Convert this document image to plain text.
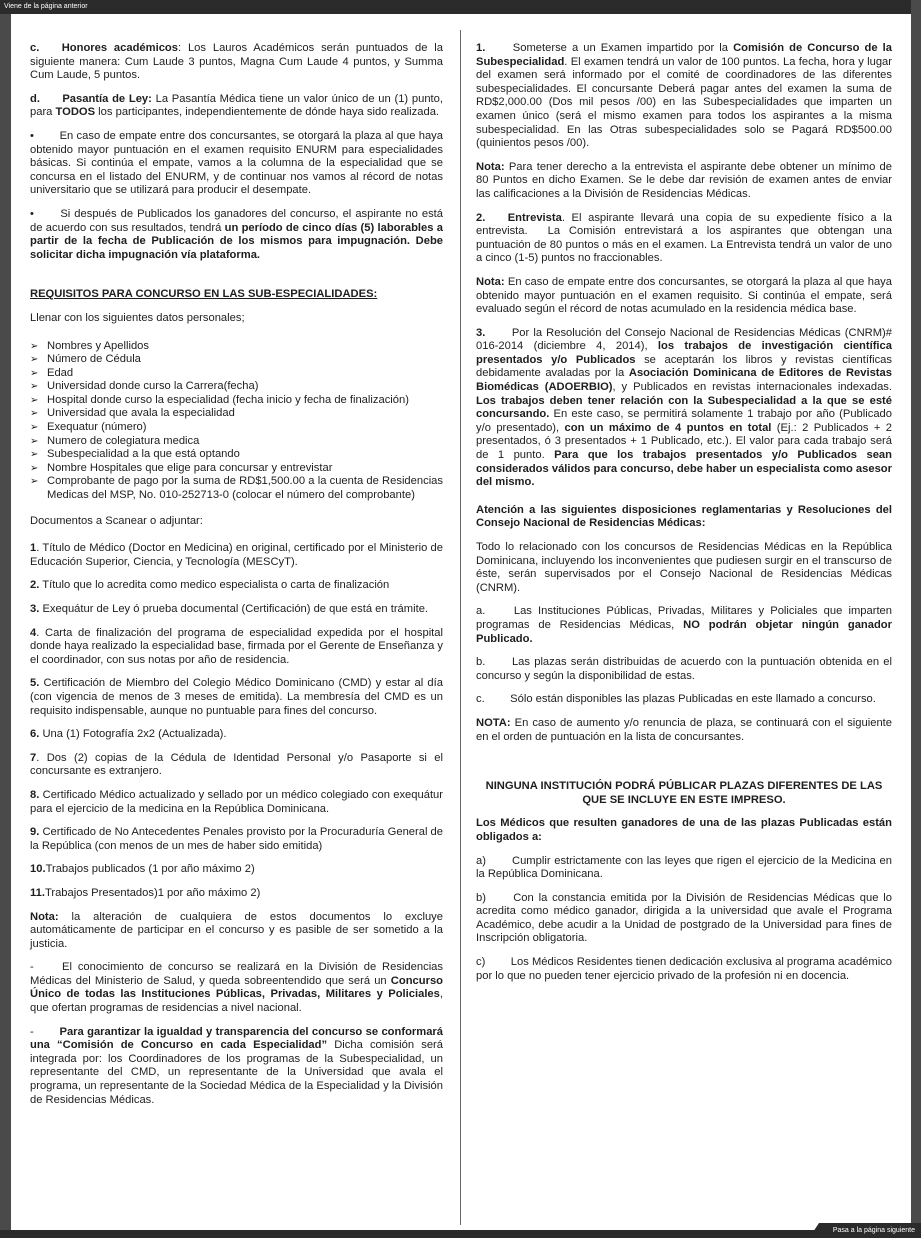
Viene de la página anterior
Pasa a la página siguiente

c.  Honores académicos: Los Lauros Académicos serán puntuados de la siguiente manera: Cum Laude 3 puntos, Magna Cum Laude 4 puntos, y Summa Cum Laude, 5 puntos.

d.  Pasantía de Ley: La Pasantía Médica tiene un valor único de un (1) punto, para TODOS los participantes, independientemente de dónde haya sido realizada.

•   En caso de empate entre dos concursantes, se otorgará la plaza al que haya obtenido mayor puntuación en el examen requisito ENURM para especialidades básicas. Si continúa el empate, vamos a la columna de la especialidad que se concursa en el listado del ENURM, y de continuar nos vamos al récord de notas universitario que se utilizará para producir el desempate.

•   Si después de Publicados los ganadores del concurso, el aspirante no está de acuerdo con sus resultados, tendrá un período de cinco días (5) laborables a partir de la fecha de Publicación de los mismos para impugnación. Debe solicitar dicha impugnación vía plataforma.

REQUISITOS PARA CONCURSO EN LAS SUB-ESPECIALIDADES:

Llenar con los siguientes datos personales;

➢ Nombres y Apellidos
➢ Número de Cédula
➢ Edad
➢ Universidad donde curso la Carrera(fecha)
➢ Hospital donde curso la especialidad (fecha inicio y fecha de finalización)
➢ Universidad que avala la especialidad
➢ Exequatur (número)
➢ Numero de colegiatura medica
➢ Subespecialidad a la que está optando
➢ Nombre Hospitales que elige para concursar y entrevistar
➢ Comprobante de pago por la suma de RD$1,500.00 a la cuenta de Residencias Medicas del MSP, No. 010-252713-0 (colocar el número del comprobante)

Documentos a Scanear o adjuntar:

1. Título de Médico (Doctor en Medicina) en original, certificado por el Ministerio de Educación Superior, Ciencia, y Tecnología (MESCyT).

2. Título que lo acredita como medico especialista o carta de finalización

3. Exequátur de Ley ó prueba documental (Certificación) de que está en trámite.

4. Carta de finalización del programa de especialidad expedida por el hospital donde haya realizado la especialidad base, firmada por el Gerente de Enseñanza y el coordinador, con sus notas por año de residencia.

5. Certificación de Miembro del Colegio Médico Dominicano (CMD) y estar al día (con vigencia de menos de 3 meses de emitida). La membresía del CMD es un requisito indispensable, aunque no puntuable para fines del concurso.

6. Una (1) Fotografía 2x2 (Actualizada).

7. Dos (2) copias de la Cédula de Identidad Personal y/o Pasaporte si el concursante es extranjero.

8. Certificado Médico actualizado y sellado por un médico colegiado con exequátur para el ejercicio de la medicina en la República Dominicana.

9. Certificado de No Antecedentes Penales provisto por la Procuraduría General de la República (con menos de un mes de haber sido emitida)

10.Trabajos publicados (1 por año máximo 2)

11.Trabajos Presentados)1 por año máximo 2)

Nota: la alteración de cualquiera de estos documentos lo excluye automáticamente de participar en el concurso y es pasible de ser sometido a la justicia.

-   El conocimiento de concurso se realizará en la División de Residencias Médicas del Ministerio de Salud, y queda sobreentendido que será un Concurso Único de todas las Instituciones Públicas, Privadas, Militares y Policiales, que ofertan programas de residencias a nivel nacional.

-   Para garantizar la igualdad y transparencia del concurso se conformará una “Comisión de Concurso en cada Especialidad” Dicha comisión será integrada por: los Coordinadores de los programas de la Subespecialidad, un representante del CMD, un representante de la Universidad que avala el programa, un representante de la Sociedad Médica de la Especialidad y la División de Residencias Médicas.

1.   Someterse a un Examen impartido por la Comisión de Concurso de la Subespecialidad. El examen tendrá un valor de 100 puntos. La fecha, hora y lugar del examen será informado por el comité de coordinadores de las diferentes subespecialidades. El concursante Deberá pagar antes del examen la suma de RD$2,000.00 (Dos mil pesos /00) en las Subespecialidades que imparten un examen único (será el mismo examen para todos los aspirantes a la misma subespecialidad. En las Otras subespecialidades solo se Pagará RD$500.00 (quinientos pesos /00).

Nota: Para tener derecho a la entrevista el aspirante debe obtener un mínimo de 80 Puntos en dicho Examen. Se le debe dar revisión de examen antes de enviar las calificaciones a la División de Residencias Médicas.

2.  Entrevista. El aspirante llevará una copia de su expediente físico a la entrevista.  La Comisión entrevistará a los aspirantes que obtengan una puntuación de 80 puntos o más en el examen. La Entrevista tendrá un valor de uno a cinco (1-5) puntos no fraccionables.

Nota: En caso de empate entre dos concursantes, se otorgará la plaza al que haya obtenido mayor puntuación en el examen requisito. Si continúa el empate, será evaluado según el récord de notas acumulado en la residencia médica base.

3.   Por la Resolución del Consejo Nacional de Residencias Médicas (CNRM)# 016-2014 (diciembre 4, 2014), los trabajos de investigación científica presentados y/o Publicados se aceptarán los libros y revistas científicas debidamente avaladas por la Asociación Dominicana de Editores de Revistas Biomédicas (ADOERBIO), y Publicados en revistas internacionales indexadas. Los trabajos deben tener relación con la Subespecialidad a la que se esté concursando. En este caso, se permitirá solamente 1 trabajo por año (Publicado y/o presentado), con un máximo de 4 puntos en total (Ej.: 2 Publicados + 2 presentados, ó 3 presentados + 1 Publicado, etc.). El valor para cada trabajo será de 1 punto. Para que los trabajos presentados y/o Publicados sean considerados válidos para concurso, debe haber un especialista como asesor del mismo.

Atención a las siguientes disposiciones reglamentarias y Resoluciones del Consejo Nacional de Residencias Médicas:

Todo lo relacionado con los concursos de Residencias Médicas en la República Dominicana, incluyendo los inconvenientes que pudiesen surgir en el transcurso de éste, serán supervisados por el Consejo Nacional de Residencias Médicas (CNRM).

a.   Las Instituciones Públicas, Privadas, Militares y Policiales que imparten programas de Residencias Médicas, NO podrán objetar ningún ganador Publicado.

b.   Las plazas serán distribuidas de acuerdo con la puntuación obtenida en el concurso y según la disponibilidad de estas.

c.   Sólo están disponibles las plazas Publicadas en este llamado a concurso.

NOTA: En caso de aumento y/o renuncia de plaza, se continuará con el siguiente en el orden de puntuación en la lista de concursantes.

NINGUNA INSTITUCIÓN PODRÁ PÚBLICAR PLAZAS DIFERENTES DE LAS QUE SE INCLUYE EN ESTE IMPRESO.

Los Médicos que resulten ganadores de una de las plazas Publicadas están obligados a:

a)   Cumplir estrictamente con las leyes que rigen el ejercicio de la Medicina en la República Dominicana.

b)   Con la constancia emitida por la División de Residencias Médicas que lo acredita como médico ganador, dirigida a la universidad que avale el Programa Académico, debe acudir a la Unidad de postgrado de la Universidad para fines de Inscripción obligatoria.

c)   Los Médicos Residentes tienen dedicación exclusiva al programa académico por lo que no pueden tener ejercicio privado de la profesión ni en docencia.
